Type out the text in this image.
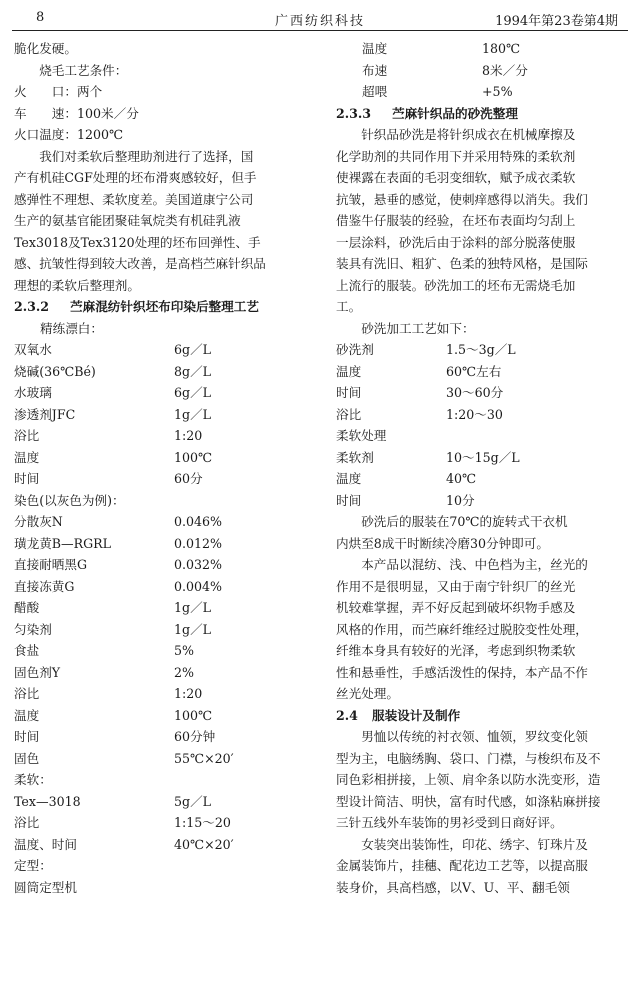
8	广西纺织科技	1994年第23卷第4期

脆化发硬。

烧毛工艺条件：

火　　口： 两个
车　　速： 100米／分
火口温度： 1200℃

我们对柔软后整理助剂进行了选择，国

产有机硅CGF处理的坯布滑爽感较好，但手

感弹性不理想、柔软度差。美国道康宁公司

生产的氨基官能团聚硅氧烷类有机硅乳液

Tex3018及Tex3120处理的坯布回弹性、手

感、抗皱性得到较大改善，是高档苎麻针织品

理想的柔软后整理剂。

2.3.2 苎麻混纺针织坯布印染后整理工艺

精练漂白：

双氧水	6g／L
烧碱(36℃Bé)	8g／L
水玻璃	6g／L
渗透剂JFC	1g／L
浴比	1:20
温度	100℃
时间	60分

染色(以灰色为例)：

分散灰N	0.046%
璜龙黄B—RGRL	0.012%
直接耐晒黑G	0.032%
直接冻黄G	0.004%
醋酸	1g／L
匀染剂	1g／L
食盐	5%
固色剂Y	2%
浴比	1:20
温度	100℃
时间	60分钟
固色	55℃×20′

柔软：

Tex—3018	5g／L
浴比	1:15～20
温度、时间	40℃×20′

定型：

圆筒定型机

温度	180℃
布速	8米／分
超喂	+5%
2.3.3 苎麻针织品的砂洗整理

针织品砂洗是将针织成衣在机械摩擦及

化学助剂的共同作用下并采用特殊的柔软剂

使裸露在表面的毛羽变细软，赋予成衣柔软

抗皱，悬垂的感觉，使刺痒感得以消失。我们

借鉴牛仔服装的经验，在坯布表面均匀刮上

一层涂料，砂洗后由于涂料的部分脱落使服

装具有洗旧、粗犷、色柔的独特风格，是国际

上流行的服装。砂洗加工的坯布无需烧毛加

工。

砂洗加工工艺如下：

砂洗剂	1.5～3g／L
温度	60℃左右
时间	30～60分
浴比	1:20～30

柔软处理

柔软剂	10～15g／L
温度	40℃
时间	10分

砂洗后的服装在70℃的旋转式干衣机

内烘至8成干时断续冷磨30分钟即可。

本产品以混纺、浅、中色档为主，丝光的

作用不是很明显，又由于南宁针织厂的丝光

机较难掌握，弄不好反起到破坏织物手感及

风格的作用，而苎麻纤维经过脱胶变性处理，

纤维本身具有较好的光泽，考虑到织物柔软

性和悬垂性，手感活泼性的保持，本产品不作

丝光处理。

2.4 服装设计及制作

男恤以传统的衬衣领、恤领，罗纹变化领

型为主，电脑绣胸、袋口、门襟，与梭织布及不

同色彩相拼接，上领、肩伞条以防水洗变形，造

型设计简洁、明快，富有时代感，如涤粘麻拼接

三针五线外车装饰的男衫受到日商好评。

女装突出装饰性，印花、绣字、钉珠片及

金属装饰片，挂穗、配花边工艺等，以提高服

装身价，具高档感，以V、U、平、翻毛领
